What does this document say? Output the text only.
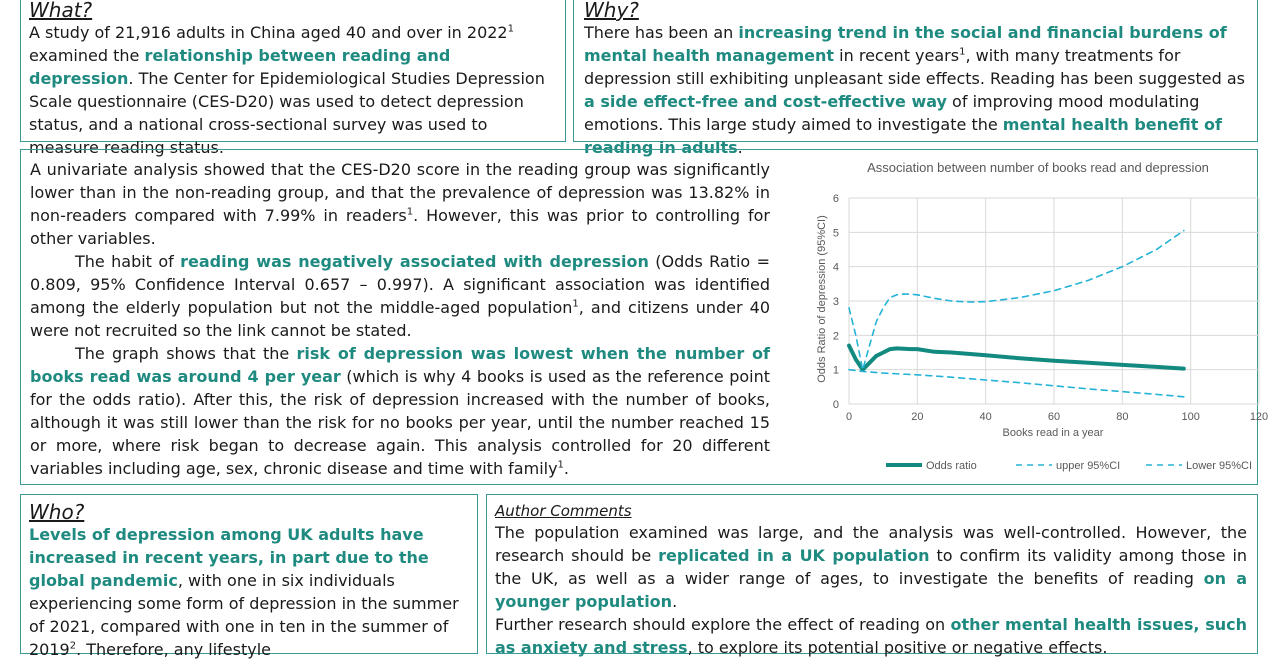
What?
A study of 21,916 adults in China aged 40 and over in 2022$^1$ examined the relationship between reading and depression. The Center for Epidemiological Studies Depression Scale questionnaire (CES-D20) was used to detect depression status, and a national cross-sectional survey was used to measure reading status.
Why?
There has been an increasing trend in the social and financial burdens of mental health management in recent years$^1$, with many treatments for depression still exhibiting unpleasant side effects. Reading has been suggested as a side effect-free and cost-effective way of improving mood modulating emotions. This large study aimed to investigate the mental health benefit of reading in adults.
A univariate analysis showed that the CES-D20 score in the reading group was significantly lower than in the non-reading group, and that the prevalence of depression was 13.82% in non-readers compared with 7.99% in readers$^1$. However, this was prior to controlling for other variables.
The habit of reading was negatively associated with depression (Odds Ratio = 0.809, 95% Confidence Interval 0.657 – 0.997). A significant association was identified among the elderly population but not the middle-aged population$^1$, and citizens under 40 were not recruited so the link cannot be stated.
The graph shows that the risk of depression was lowest when the number of books read was around 4 per year (which is why 4 books is used as the reference point for the odds ratio). After this, the risk of depression increased with the number of books, although it was still lower than the risk for no books per year, until the number reached 15 or more, where risk began to decrease again. This analysis controlled for 20 different variables including age, sex, chronic disease and time with family$^1$.
Association between number of books read and depression
0
1
2
3
4
5
6
0	20	40	60	80	100	120
Books read in a year
Odds Ratio of depression (95%CI)
Odds ratio	upper 95%CI	Lower 95%CI
Who?
Levels of depression among UK adults have increased in recent years, in part due to the global pandemic, with one in six individuals experiencing some form of depression in the summer of 2021, compared with one in ten in the summer of 2019$^2$. Therefore, any lifestyle
Author Comments
The population examined was large, and the analysis was well-controlled. However, the research should be replicated in a UK population to confirm its validity among those in the UK, as well as a wider range of ages, to investigate the benefits of reading on a younger population.
Further research should explore the effect of reading on other mental health issues, such as anxiety and stress, to explore its potential positive or negative effects.
